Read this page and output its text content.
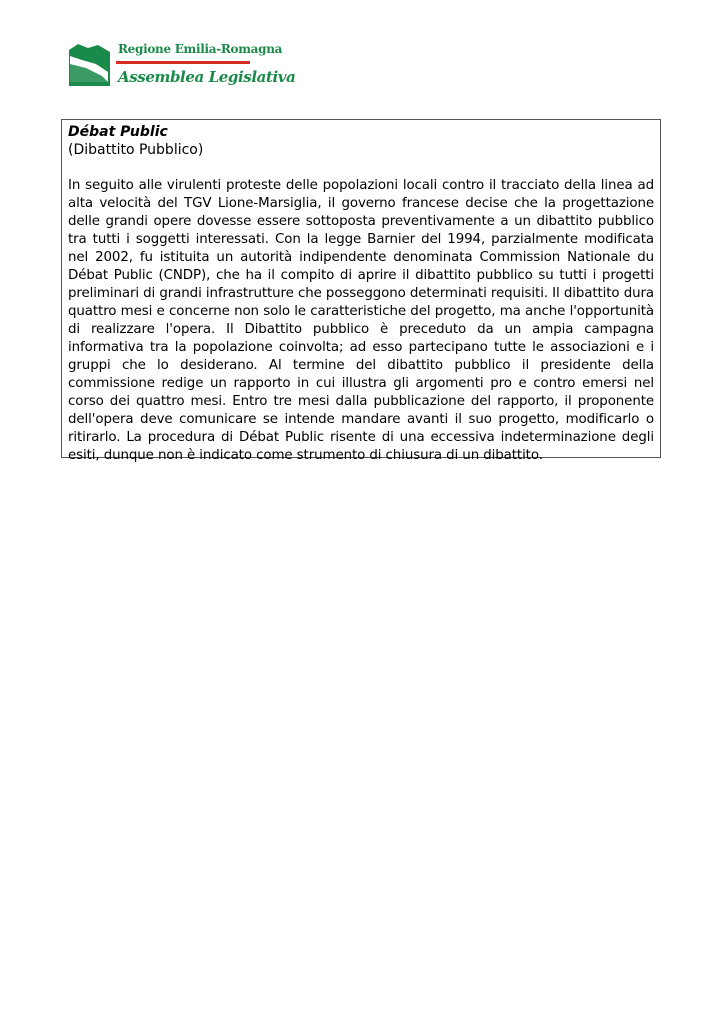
Regione Emilia-Romagna
Assemblea Legislativa
Débat Public
(Dibattito Pubblico)
In seguito alle virulenti proteste delle popolazioni locali contro il tracciato della linea ad alta velocità del TGV Lione-Marsiglia, il governo francese decise che la progettazione delle grandi opere dovesse essere sottoposta preventivamente a un dibattito pubblico tra tutti i soggetti interessati. Con la legge Barnier del 1994, parzialmente modificata nel 2002, fu istituita un autorità indipendente denominata Commission Nationale du Débat Public (CNDP), che ha il compito di aprire il dibattito pubblico su tutti i progetti preliminari di grandi infrastrutture che posseggono determinati requisiti. Il dibattito dura quattro mesi e concerne non solo le caratteristiche del progetto, ma anche l'opportunità di realizzare l'opera. Il Dibattito pubblico è preceduto da un ampia campagna informativa tra la popolazione coinvolta; ad esso partecipano tutte le associazioni e i gruppi che lo desiderano. Al termine del dibattito pubblico il presidente della commissione redige un rapporto in cui illustra gli argomenti pro e contro emersi nel corso dei quattro mesi. Entro tre mesi dalla pubblicazione del rapporto, il proponente dell'opera deve comunicare se intende mandare avanti il suo progetto, modificarlo o ritirarlo. La procedura di Débat Public risente di una eccessiva indeterminazione degli esiti, dunque non è indicato come strumento di chiusura di un dibattito.
